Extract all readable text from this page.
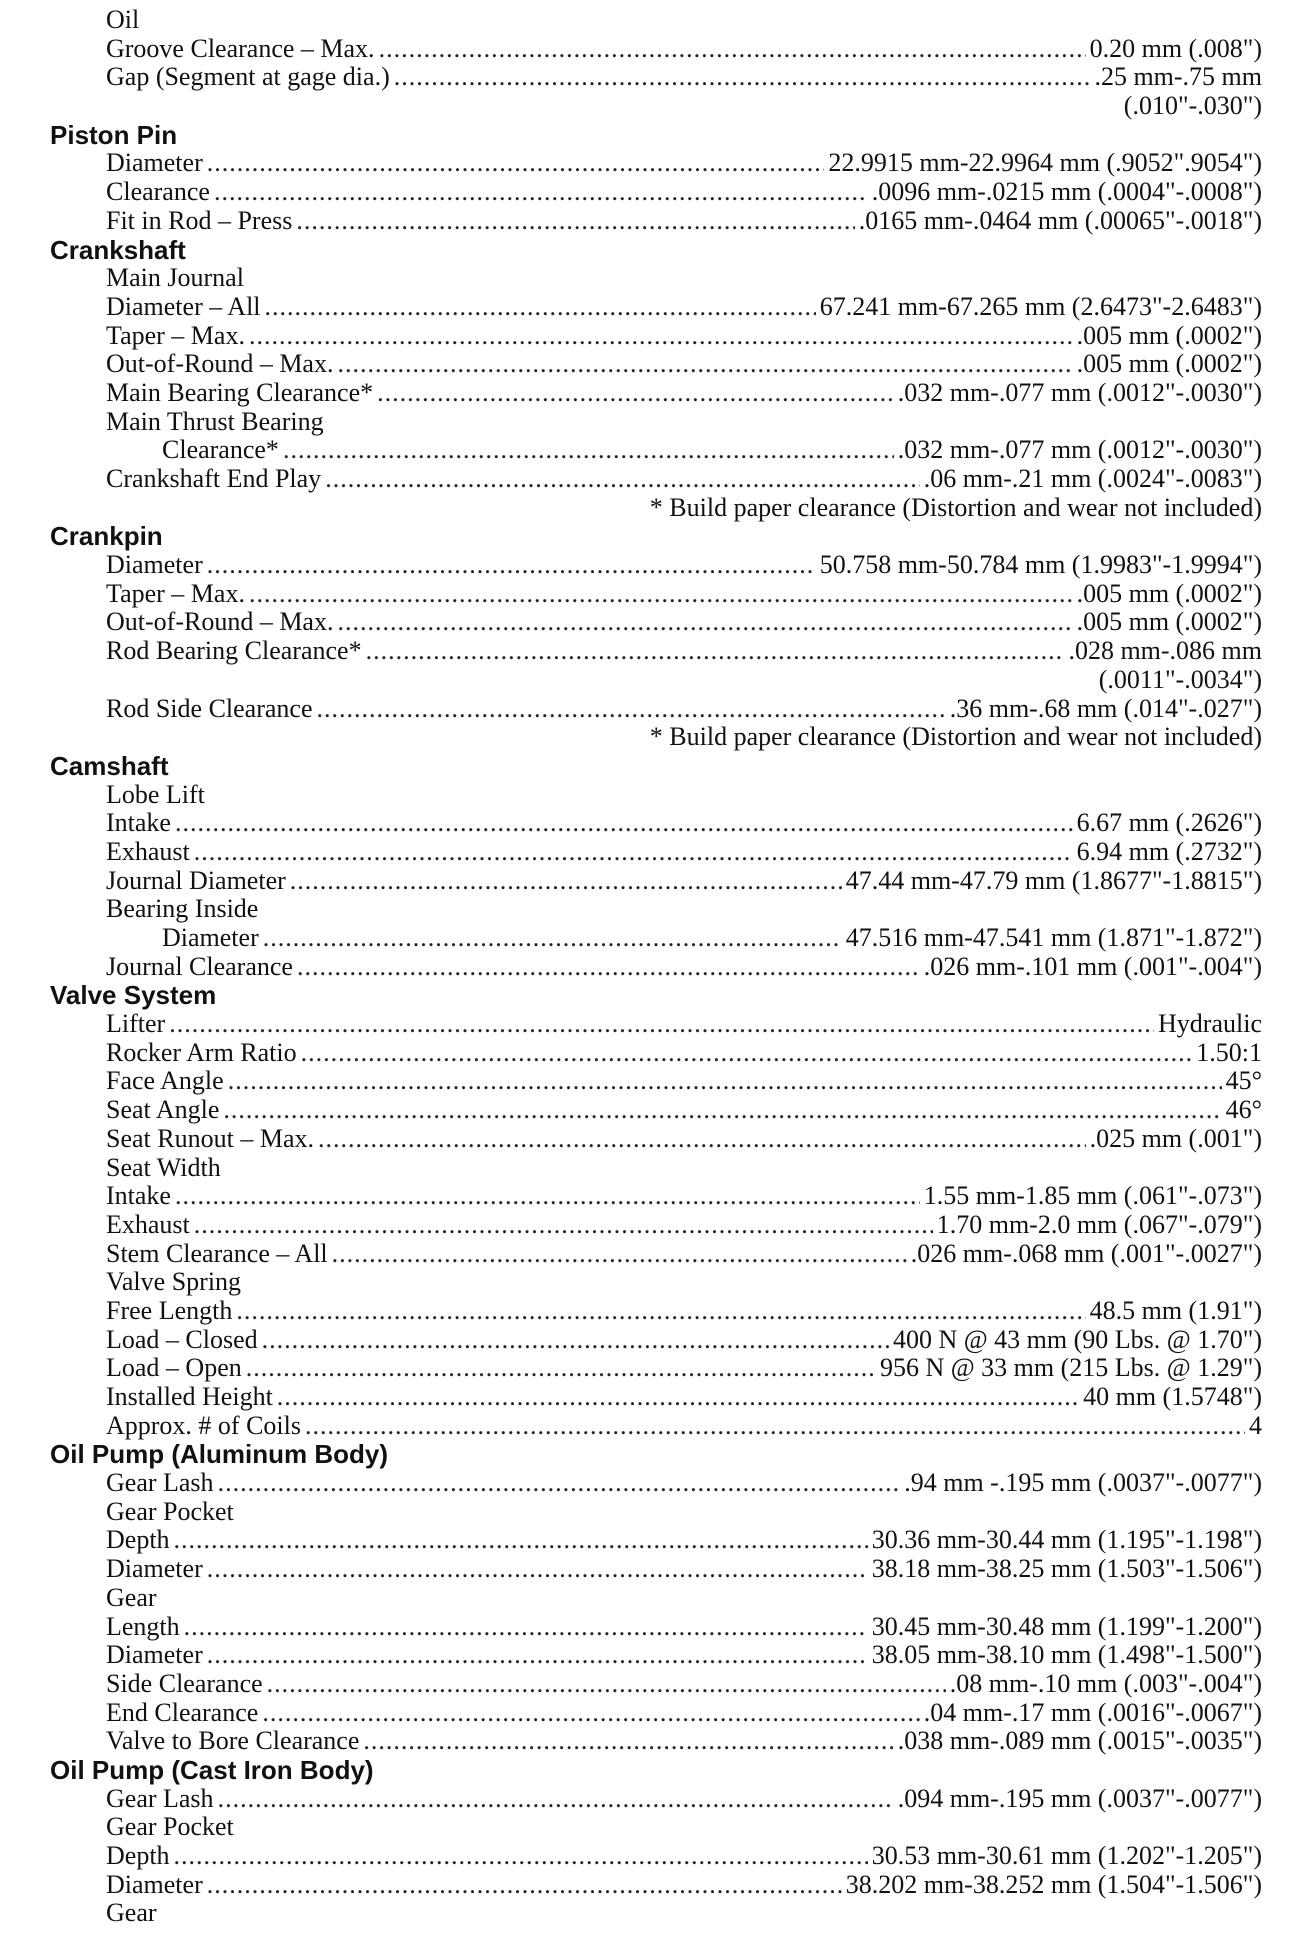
Oil
Groove Clearance – Max. .....	0.20 mm (.008")
Gap (Segment at gage dia.) .....	.25 mm-.75 mm
(.010"-.030")
Piston Pin
Diameter .....	22.9915 mm-22.9964 mm (.9052".9054")
Clearance .....	.0096 mm-.0215 mm (.0004"-.0008")
Fit in Rod – Press .....	.0165 mm-.0464 mm (.00065"-.0018")
Crankshaft
Main Journal
Diameter – All .....	67.241 mm-67.265 mm (2.6473"-2.6483")
Taper – Max. .....	.005 mm (.0002")
Out-of-Round – Max. .....	.005 mm (.0002")
Main Bearing Clearance* .....	.032 mm-.077 mm (.0012"-.0030")
Main Thrust Bearing
Clearance* .....	.032 mm-.077 mm (.0012"-.0030")
Crankshaft End Play .....	.06 mm-.21 mm (.0024"-.0083")
* Build paper clearance (Distortion and wear not included)
Crankpin
Diameter .....	50.758 mm-50.784 mm (1.9983"-1.9994")
Taper – Max. .....	.005 mm (.0002")
Out-of-Round – Max. .....	.005 mm (.0002")
Rod Bearing Clearance* .....	.028 mm-.086 mm
(.0011"-.0034")
Rod Side Clearance .....	.36 mm-.68 mm (.014"-.027")
* Build paper clearance (Distortion and wear not included)
Camshaft
Lobe Lift
Intake .....	6.67 mm (.2626")
Exhaust .....	6.94 mm (.2732")
Journal Diameter .....	47.44 mm-47.79 mm (1.8677"-1.8815")
Bearing Inside
Diameter .....	47.516 mm-47.541 mm (1.871"-1.872")
Journal Clearance .....	.026 mm-.101 mm (.001"-.004")
Valve System
Lifter .....	Hydraulic
Rocker Arm Ratio .....	1.50:1
Face Angle .....	45°
Seat Angle .....	46°
Seat Runout – Max. .....	.025 mm (.001")
Seat Width
Intake .....	1.55 mm-1.85 mm (.061"-.073")
Exhaust .....	1.70 mm-2.0 mm (.067"-.079")
Stem Clearance – All .....	.026 mm-.068 mm (.001"-.0027")
Valve Spring
Free Length .....	48.5 mm (1.91")
Load – Closed .....	400 N @ 43 mm (90 Lbs. @ 1.70")
Load – Open .....	956 N @ 33 mm (215 Lbs. @ 1.29")
Installed Height .....	40 mm (1.5748")
Approx. # of Coils .....	4
Oil Pump (Aluminum Body)
Gear Lash .....	.94 mm -.195 mm (.0037"-.0077")
Gear Pocket
Depth .....	30.36 mm-30.44 mm (1.195"-1.198")
Diameter .....	38.18 mm-38.25 mm (1.503"-1.506")
Gear
Length .....	30.45 mm-30.48 mm (1.199"-1.200")
Diameter .....	38.05 mm-38.10 mm (1.498"-1.500")
Side Clearance .....	.08 mm-.10 mm (.003"-.004")
End Clearance .....	.04 mm-.17 mm (.0016"-.0067")
Valve to Bore Clearance .....	.038 mm-.089 mm (.0015"-.0035")
Oil Pump (Cast Iron Body)
Gear Lash .....	.094 mm-.195 mm (.0037"-.0077")
Gear Pocket
Depth .....	30.53 mm-30.61 mm (1.202"-1.205")
Diameter .....	38.202 mm-38.252 mm (1.504"-1.506")
Gear
